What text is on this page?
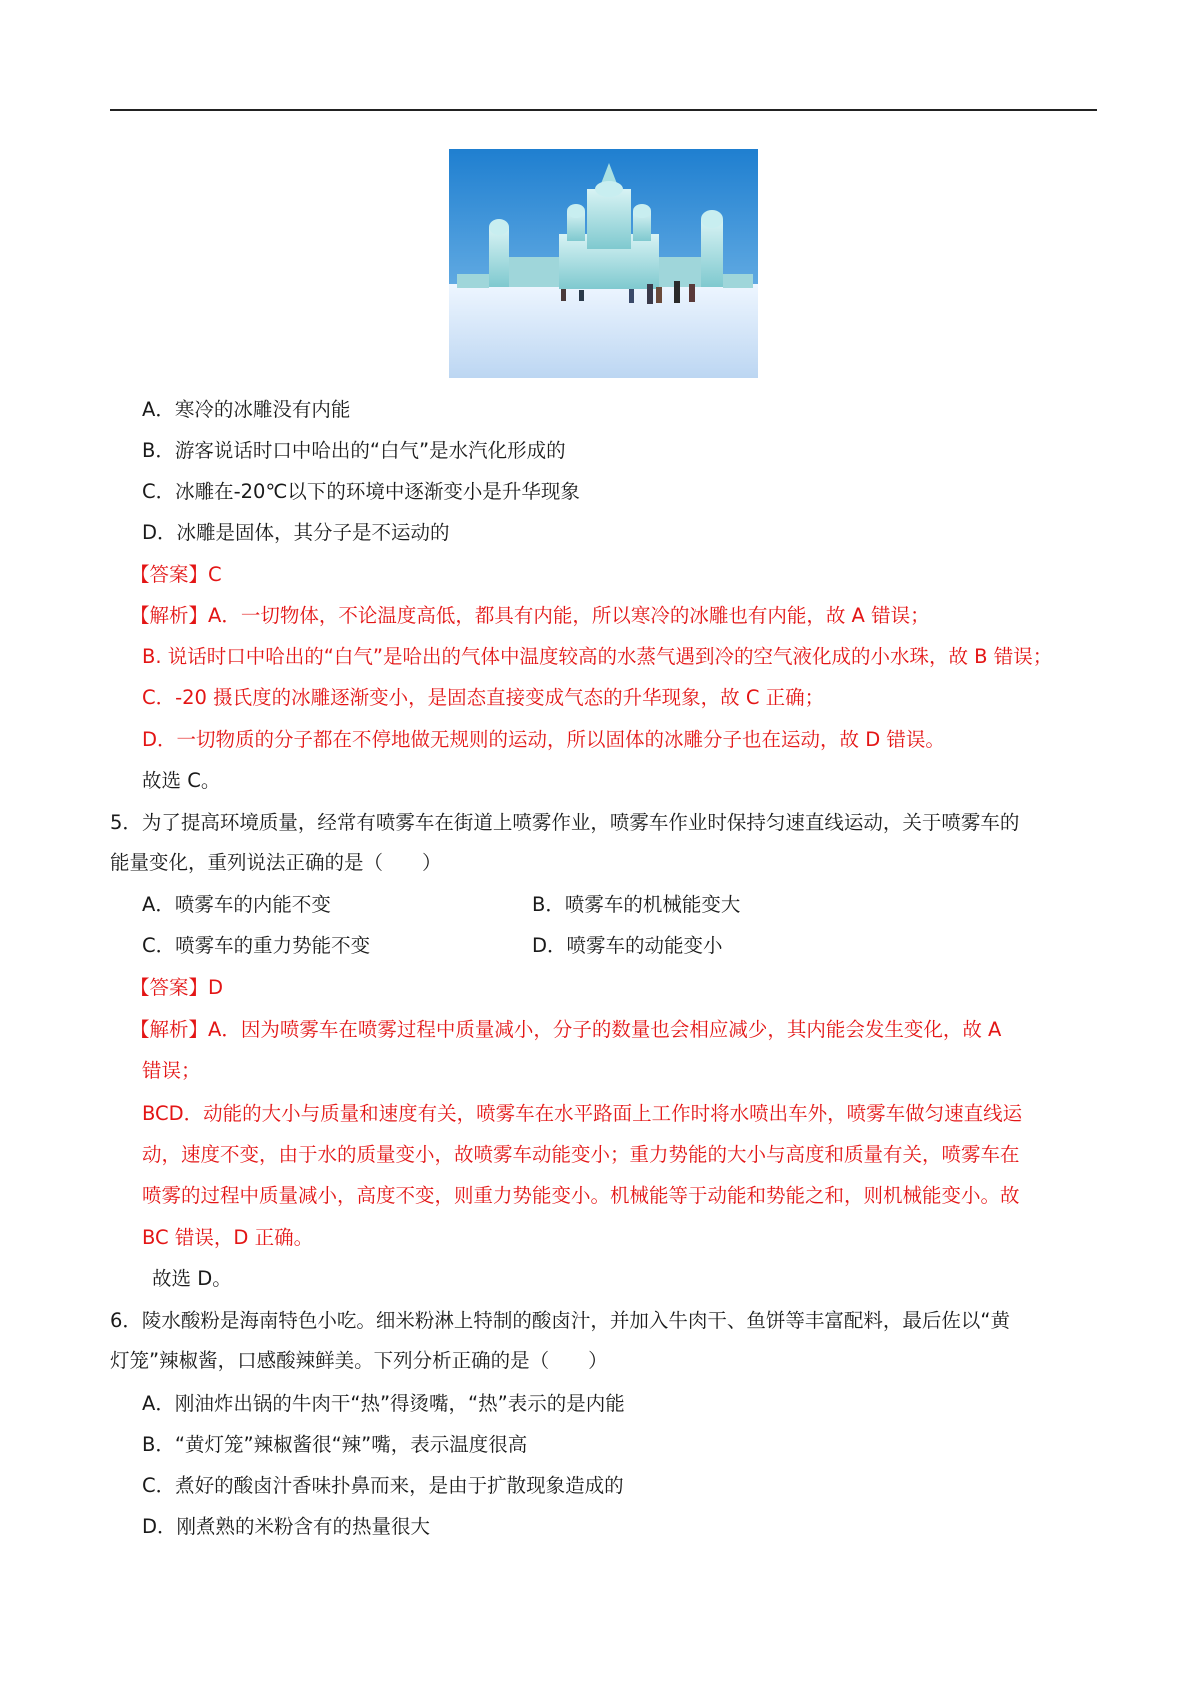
A．寒冷的冰雕没有内能
B．游客说话时口中哈出的“白气”是水汽化形成的
C．冰雕在-20℃以下的环境中逐渐变小是升华现象
D．冰雕是固体，其分子是不运动的
【答案】C
【解析】A．一切物体，不论温度高低，都具有内能，所以寒冷的冰雕也有内能，故 A 错误；
B. 说话时口中哈出的“白气”是哈出的气体中温度较高的水蒸气遇到冷的空气液化成的小水珠，故 B 错误；
C．-20 摄氏度的冰雕逐渐变小，是固态直接变成气态的升华现象，故 C 正确；
D．一切物质的分子都在不停地做无规则的运动，所以固体的冰雕分子也在运动，故 D 错误。
故选 C。
5．为了提高环境质量，经常有喷雾车在街道上喷雾作业，喷雾车作业时保持匀速直线运动，关于喷雾车的
能量变化，重列说法正确的是（　　）
A．喷雾车的内能不变	B．喷雾车的机械能变大
C．喷雾车的重力势能不变	D．喷雾车的动能变小
【答案】D
【解析】A．因为喷雾车在喷雾过程中质量减小，分子的数量也会相应减少，其内能会发生变化，故 A
错误；
BCD．动能的大小与质量和速度有关，喷雾车在水平路面上工作时将水喷出车外，喷雾车做匀速直线运
动，速度不变，由于水的质量变小，故喷雾车动能变小；重力势能的大小与高度和质量有关，喷雾车在
喷雾的过程中质量减小，高度不变，则重力势能变小。机械能等于动能和势能之和，则机械能变小。故
BC 错误，D 正确。
故选 D。
6．陵水酸粉是海南特色小吃。细米粉淋上特制的酸卤汁，并加入牛肉干、鱼饼等丰富配料，最后佐以“黄
灯笼”辣椒酱，口感酸辣鲜美。下列分析正确的是（　　）
A．刚油炸出锅的牛肉干“热”得烫嘴，“热”表示的是内能
B．“黄灯笼”辣椒酱很“辣”嘴，表示温度很高
C．煮好的酸卤汁香味扑鼻而来，是由于扩散现象造成的
D．刚煮熟的米粉含有的热量很大
